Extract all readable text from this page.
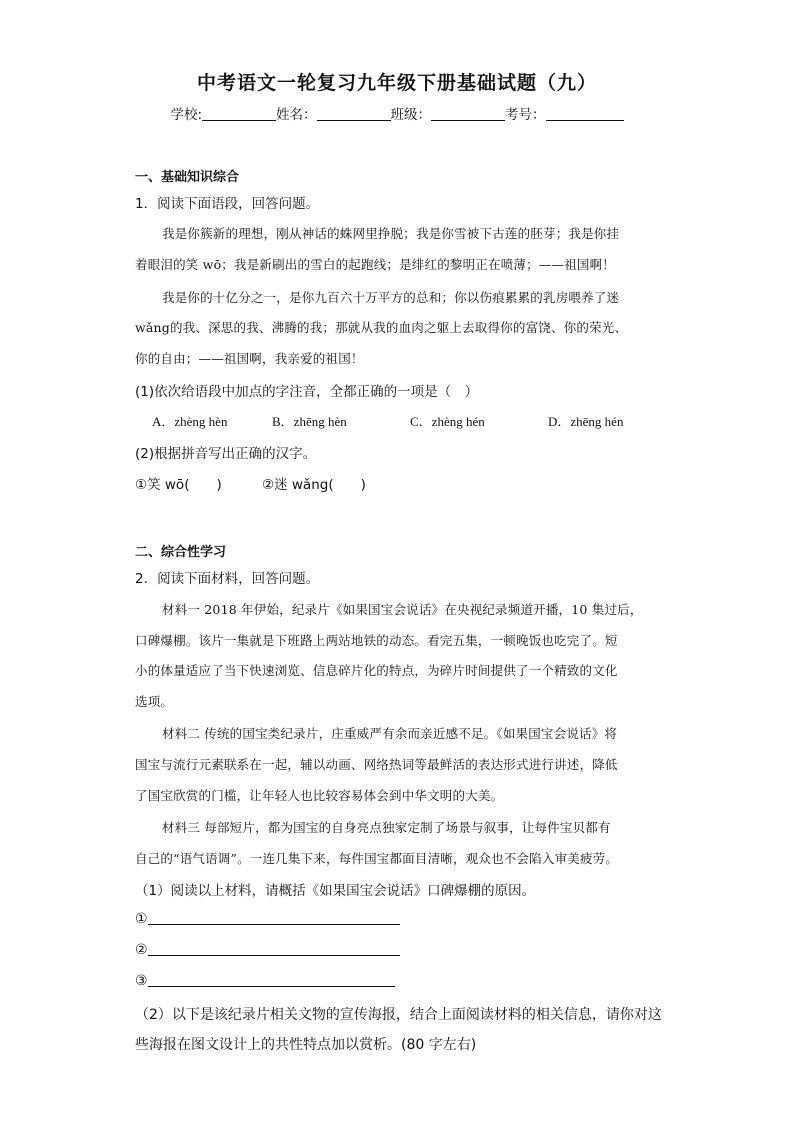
中考语文一轮复习九年级下册基础试题（九）
学校:	姓名：	班级：	考号：
一、基础知识综合
1．阅读下面语段，回答问题。
我是你簇新的理想，刚从神话的蛛网里挣脱；我是你雪被下古莲的胚芽；我是你挂
着眼泪的笑 wō；我是新刷出的雪白的起跑线；是绯红的黎明正在喷薄；——祖国啊！
我是你的十亿分之一，是你九百六十万平方的总和；你以伤痕累累的乳房喂养了迷
wǎng的我、深思的我、沸腾的我；那就从我的血肉之躯上去取得你的富饶、你的荣光、
你的自由；——祖国啊，我亲爱的祖国！
(1)依次给语段中加点的字注音，全都正确的一项是（　）
A．zhèng hèn	B．zhēng hèn	C．zhèng hén	D．zhēng hén
(2)根据拼音写出正确的汉字。
①笑 wō(　　)	②迷 wǎng(　　)
二、综合性学习
2．阅读下面材料，回答问题。
材料一 2018 年伊始，纪录片《如果国宝会说话》在央视纪录频道开播，10 集过后，
口碑爆棚。该片一集就是下班路上两站地铁的动态。看完五集，一顿晚饭也吃完了。短
小的体量适应了当下快速浏览、信息碎片化的特点，为碎片时间提供了一个精致的文化
选项。
材料二 传统的国宝类纪录片，庄重威严有余而亲近感不足。《如果国宝会说话》将
国宝与流行元素联系在一起，辅以动画、网络热词等最鲜活的表达形式进行讲述，降低
了国宝欣赏的门槛，让年轻人也比较容易体会到中华文明的大美。
材料三 每部短片，都为国宝的自身亮点独家定制了场景与叙事，让每件宝贝都有
自己的“语气语调”。一连几集下来，每件国宝都面目清晰，观众也不会陷入审美疲劳。
（1）阅读以上材料，请概括《如果国宝会说话》口碑爆棚的原因。
①
②
③
（2）以下是该纪录片相关文物的宣传海报，结合上面阅读材料的相关信息，请你对这
些海报在图文设计上的共性特点加以赏析。(80 字左右)
